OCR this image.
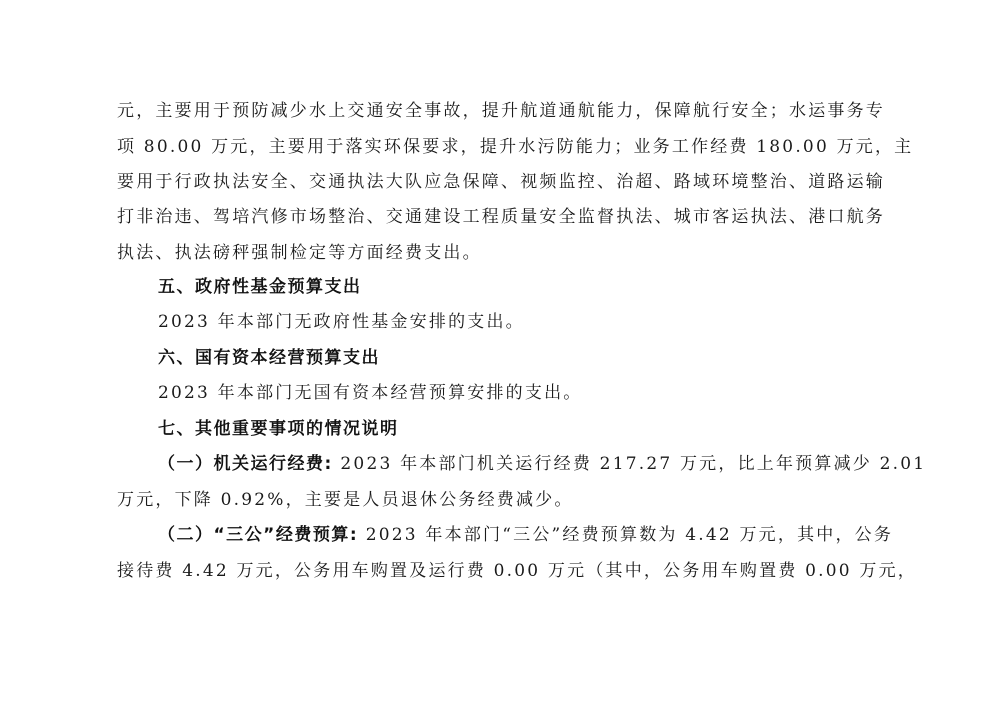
元，主要用于预防减少水上交通安全事故，提升航道通航能力，保障航行安全；水运事务专
项 80.00 万元，主要用于落实环保要求，提升水污防能力；业务工作经费 180.00 万元，主
要用于行政执法安全、交通执法大队应急保障、视频监控、治超、路域环境整治、道路运输
打非治违、驾培汽修市场整治、交通建设工程质量安全监督执法、城市客运执法、港口航务
执法、执法磅秤强制检定等方面经费支出。
五、政府性基金预算支出
2023 年本部门无政府性基金安排的支出。
六、国有资本经营预算支出
2023 年本部门无国有资本经营预算安排的支出。
七、其他重要事项的情况说明
（一）机关运行经费: 2023 年本部门机关运行经费 217.27 万元，比上年预算减少 2.01
万元，下降 0.92%，主要是人员退休公务经费减少。
（二）“三公”经费预算: 2023 年本部门“三公”经费预算数为 4.42 万元，其中，公务
接待费 4.42 万元，公务用车购置及运行费 0.00 万元（其中，公务用车购置费 0.00 万元，
